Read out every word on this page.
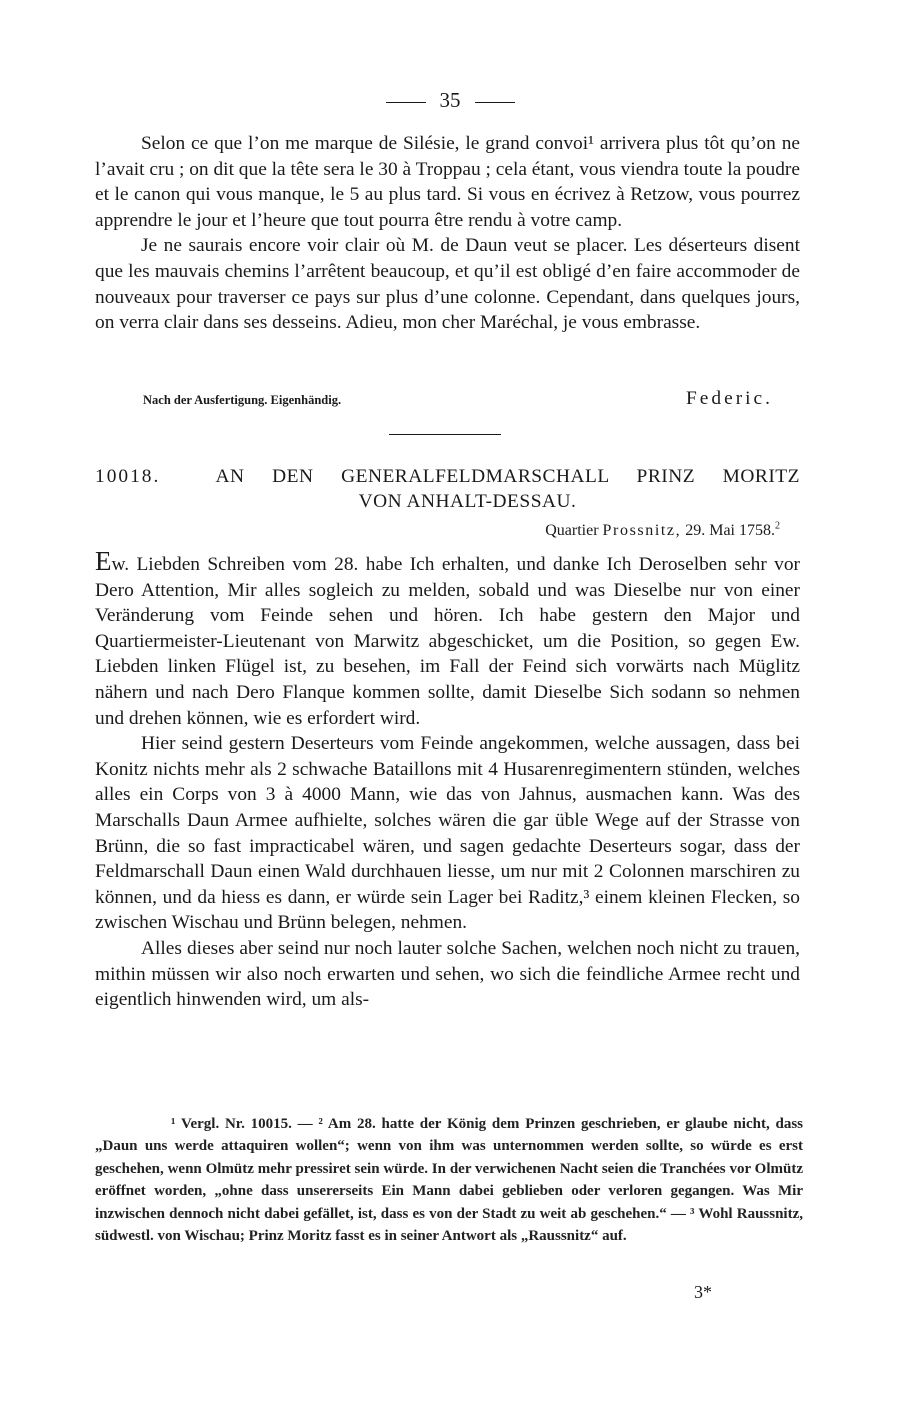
35

Selon ce que l’on me marque de Silésie, le grand convoi¹ arrivera plus tôt qu’on ne l’avait cru ; on dit que la tête sera le 30 à Troppau ; cela étant, vous viendra toute la poudre et le canon qui vous manque, le 5 au plus tard. Si vous en écrivez à Retzow, vous pourrez apprendre le jour et l’heure que tout pourra être rendu à votre camp.

Je ne saurais encore voir clair où M. de Daun veut se placer. Les déserteurs disent que les mauvais chemins l’arrêtent beaucoup, et qu’il est obligé d’en faire accommoder de nouveaux pour traverser ce pays sur plus d’une colonne. Cependant, dans quelques jours, on verra clair dans ses desseins. Adieu, mon cher Maréchal, je vous embrasse.

Nach der Ausfertigung. Eigenhändig.	Federic.
10018.	AN DEN GENERALFELDMARSCHALL PRINZ MORITZ
VON ANHALT-DESSAU.
Quartier Prossnitz, 29. Mai 1758.$^2$

Ew. Liebden Schreiben vom 28. habe Ich erhalten, und danke Ich Deroselben sehr vor Dero Attention, Mir alles sogleich zu melden, sobald und was Dieselbe nur von einer Veränderung vom Feinde sehen und hören. Ich habe gestern den Major und Quartiermeister-Lieutenant von Marwitz abgeschicket, um die Position, so gegen Ew. Liebden linken Flügel ist, zu besehen, im Fall der Feind sich vorwärts nach Müglitz nähern und nach Dero Flanque kommen sollte, damit Dieselbe Sich sodann so nehmen und drehen können, wie es erfordert wird.

Hier seind gestern Deserteurs vom Feinde angekommen, welche aussagen, dass bei Konitz nichts mehr als 2 schwache Bataillons mit 4 Husarenregimentern stünden, welches alles ein Corps von 3 à 4000 Mann, wie das von Jahnus, ausmachen kann. Was des Marschalls Daun Armee aufhielte, solches wären die gar üble Wege auf der Strasse von Brünn, die so fast impracticabel wären, und sagen gedachte Deserteurs sogar, dass der Feldmarschall Daun einen Wald durchhauen liesse, um nur mit 2 Colonnen marschiren zu können, und da hiess es dann, er würde sein Lager bei Raditz,³ einem kleinen Flecken, so zwischen Wischau und Brünn belegen, nehmen.

Alles dieses aber seind nur noch lauter solche Sachen, welchen noch nicht zu trauen, mithin müssen wir also noch erwarten und sehen, wo sich die feindliche Armee recht und eigentlich hinwenden wird, um als-

¹ Vergl. Nr. 10015. — ² Am 28. hatte der König dem Prinzen geschrieben, er glaube nicht, dass „Daun uns werde attaquiren wollen“; wenn von ihm was unternommen werden sollte, so würde es erst geschehen, wenn Olmütz mehr pressiret sein würde. In der verwichenen Nacht seien die Tranchées vor Olmütz eröffnet worden, „ohne dass unsererseits Ein Mann dabei geblieben oder verloren gegangen. Was Mir inzwischen dennoch nicht dabei gefället, ist, dass es von der Stadt zu weit ab geschehen.“ — ³ Wohl Raussnitz, südwestl. von Wischau; Prinz Moritz fasst es in seiner Antwort als „Raussnitz“ auf.

3*
